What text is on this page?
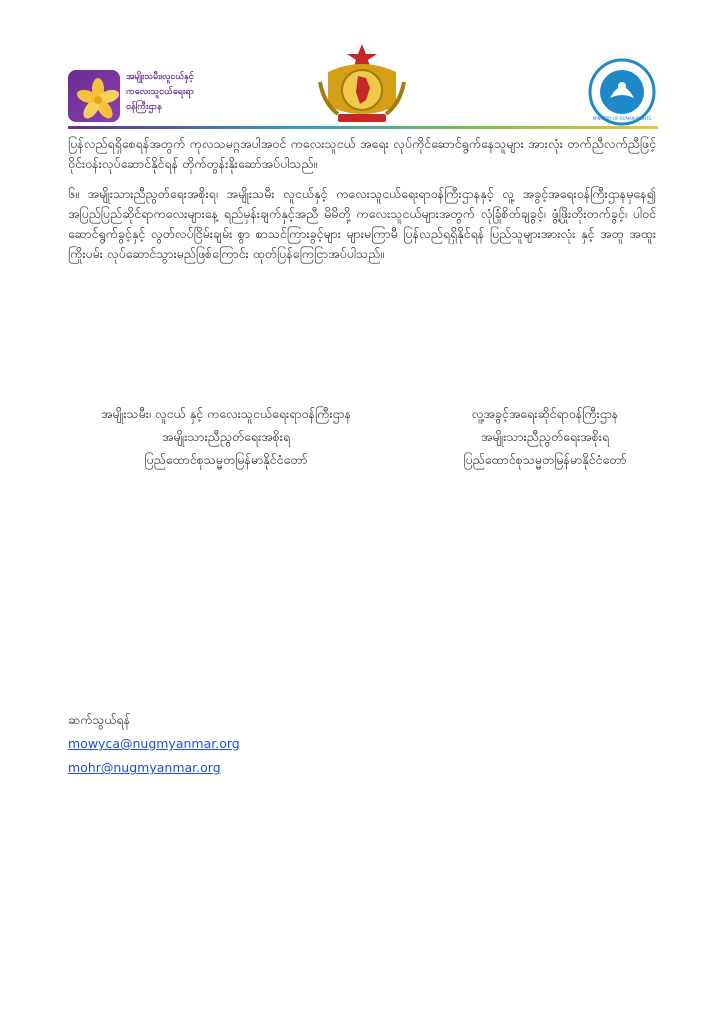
အမျိုးသမီး၊လူငယ်နှင့်
ကလေးသူငယ်ရေးရာ
ဝန်ကြီးဌာန
MINISTRY OF HUMAN RIGHTS

ပြန်လည်ရရှိစေရန်အတွက် ကုလသမဂ္ဂအပါအဝင် ကလေးသူငယ် အရေး လုပ်ကိုင်ဆောင်ရွက်နေသူများ အားလုံး တက်ညီလက်ညီဖြင့် ဝိုင်းဝန်းလုပ်ဆောင်နိုင်ရန် တိုက်တွန်းနိုးဆော်အပ်ပါသည်။

၆။ အမျိုးသားညီညွတ်ရေးအစိုးရ၊ အမျိုးသမီး လူငယ်နှင့် ကလေးသူငယ်ရေးရာဝန်ကြီးဌာနနှင့် လူ့ အခွင့်အရေးဝန်ကြီးဌာနမှနေ၍ အပြည်ပြည်ဆိုင်ရာကလေးများနေ့ ရည်မှန်းချက်နှင့်အညီ မိမိတို့ ကလေးသူငယ်များအတွက် လုံခြုံစိတ်ချခွင့်၊ ဖွံ့ဖြိုးတိုးတက်ခွင့်၊ ပါဝင်ဆောင်ရွက်ခွင့်နှင့် လွတ်လပ်ငြိမ်းချမ်း စွာ စာသင်ကြားခွင့်များ များမကြာမီ ပြန်လည်ရရှိနိုင်ရန် ပြည်သူများအားလုံး နှင့် အတူ အထူးကြိုးပမ်း လုပ်ဆောင်သွားမည်ဖြစ်ကြောင်း ထုတ်ပြန်ကြေငြာအပ်ပါသည်။

အမျိုးသမီး၊ လူငယ် နှင့် ကလေးသူငယ်ရေးရာဝန်ကြီးဌာန
အမျိုးသားညီညွတ်ရေးအစိုးရ
ပြည်ထောင်စုသမ္မတမြန်မာနိုင်ငံတော်
လူ့အခွင့်အရေးဆိုင်ရာဝန်ကြီးဌာန
အမျိုးသားညီညွတ်ရေးအစိုးရ
ပြည်ထောင်စုသမ္မတမြန်မာနိုင်ငံတော်
ဆက်သွယ်ရန်
mowyca@nugmyanmar.org
mohr@nugmyanmar.org
